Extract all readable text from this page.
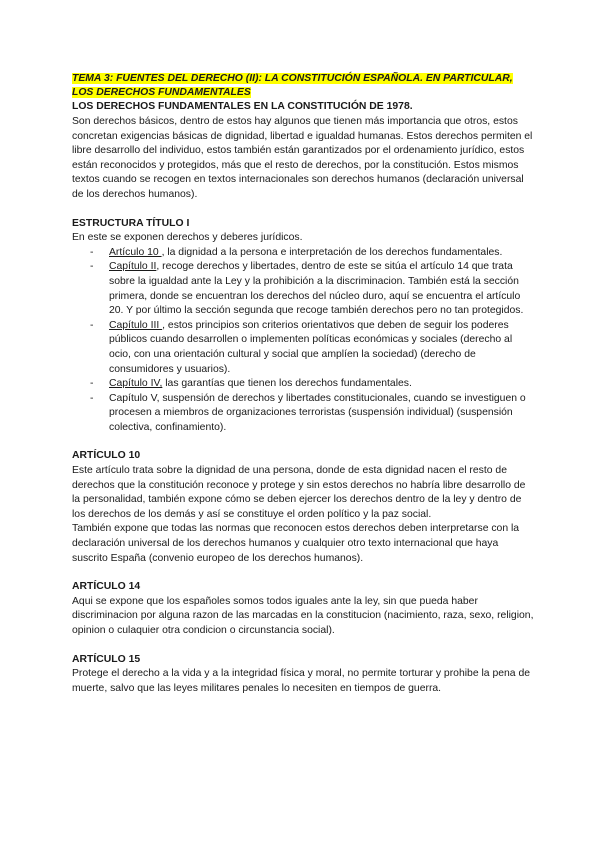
TEMA 3: FUENTES DEL DERECHO (II): LA CONSTITUCIÓN ESPAÑOLA. EN PARTICULAR, LOS DERECHOS FUNDAMENTALES

LOS DERECHOS FUNDAMENTALES EN LA CONSTITUCIÓN DE 1978.

Son derechos básicos, dentro de estos hay algunos que tienen más importancia que otros, estos concretan exigencias básicas de dignidad, libertad e igualdad humanas. Estos derechos permiten el libre desarrollo del individuo, estos también están garantizados por el ordenamiento jurídico, estos están reconocidos y protegidos, más que el resto de derechos, por la constitución. Estos mismos textos cuando se recogen en textos internacionales son derechos humanos (declaración universal de los derechos humanos).

ESTRUCTURA TÍTULO I

En este se exponen derechos y deberes jurídicos.

- Artículo 10 , la dignidad a la persona e interpretación de los derechos fundamentales.
- Capítulo II, recoge derechos y libertades, dentro de este se sitúa el artículo 14 que trata sobre la igualdad ante la Ley y la prohibición a la discriminacion. También está la sección primera, donde se encuentran los derechos del núcleo duro, aquí se encuentra el artículo 20. Y por último la sección segunda que recoge también derechos pero no tan protegidos.
- Capítulo III , estos principios son criterios orientativos que deben de seguir los poderes públicos cuando desarrollen o implementen políticas económicas y sociales (derecho al ocio, con una orientación cultural y social que amplíen la sociedad) (derecho de consumidores y usuarios).
- Capítulo IV, las garantías que tienen los derechos fundamentales.
- Capítulo V, suspensión de derechos y libertades constitucionales, cuando se investiguen o procesen a miembros de organizaciones terroristas (suspensión individual) (suspensión colectiva, confinamiento).

ARTÍCULO 10

Este artículo trata sobre la dignidad de una persona, donde de esta dignidad nacen el resto de derechos que la constitución reconoce y protege y sin estos derechos no habría libre desarrollo de la personalidad, también expone cómo se deben ejercer los derechos dentro de la ley y dentro de los derechos de los demás y así se constituye el orden político y la paz social.

También expone que todas las normas que reconocen estos derechos deben interpretarse con la declaración universal de los derechos humanos y cualquier otro texto internacional que haya suscrito España (convenio europeo de los derechos humanos).

ARTÍCULO 14

Aqui se expone que los españoles somos todos iguales ante la ley, sin que pueda haber discriminacion por alguna razon de las marcadas en la constitucion (nacimiento, raza, sexo, religion, opinion o culaquier otra condicion o circunstancia social).

ARTÍCULO 15

Protege el derecho a la vida y a la integridad física y moral, no permite torturar y prohibe la pena de muerte, salvo que las leyes militares penales lo necesiten en tiempos de guerra.
